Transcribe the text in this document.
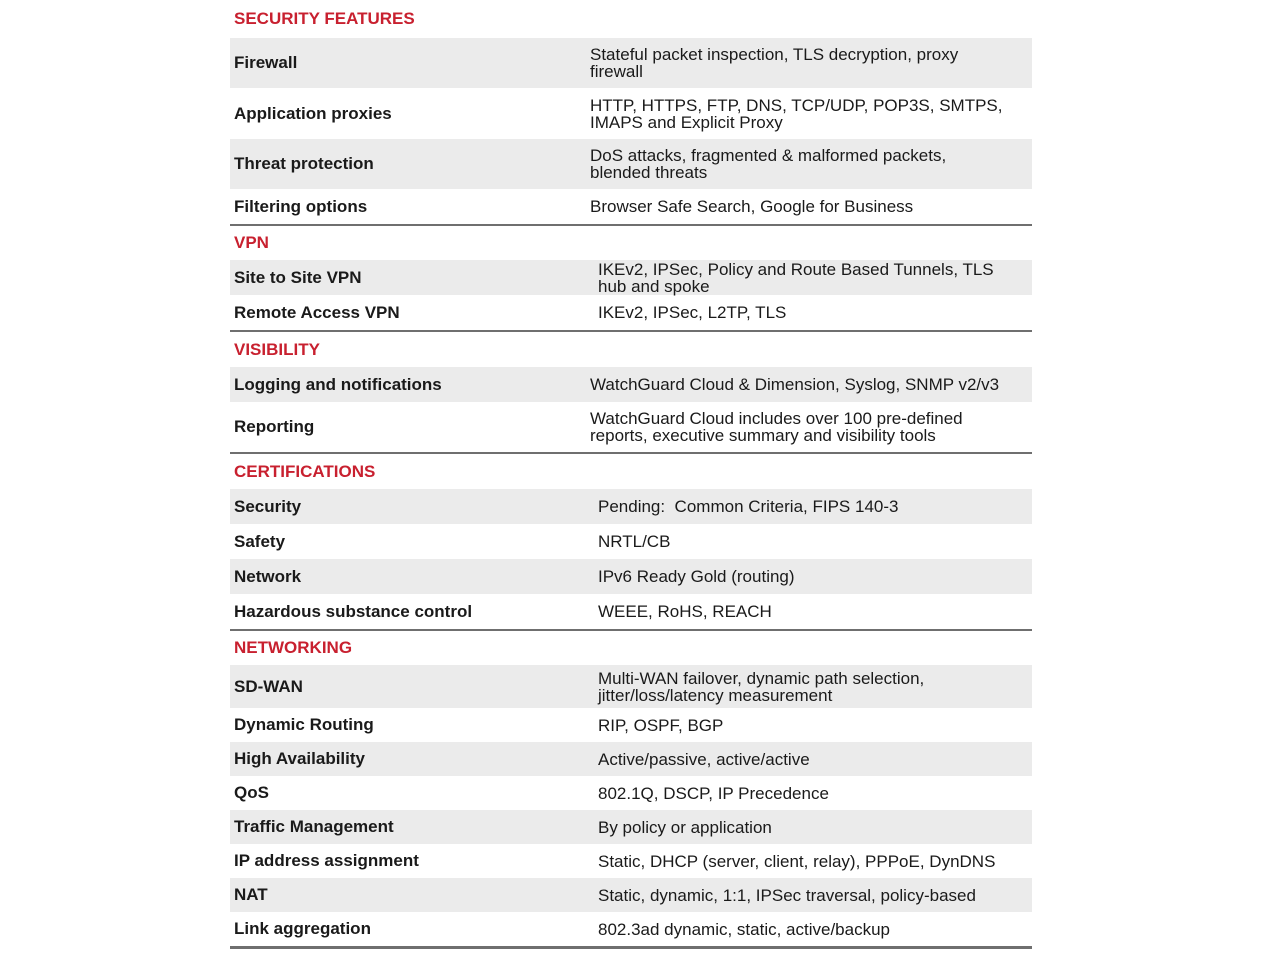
SECURITY FEATURES
Firewall	Stateful packet inspection, TLS decryption, proxy firewall
Application proxies	HTTP, HTTPS, FTP, DNS, TCP/UDP, POP3S, SMTPS, IMAPS and Explicit Proxy
Threat protection	DoS attacks, fragmented & malformed packets, blended threats
Filtering options	Browser Safe Search, Google for Business
VPN
Site to Site VPN	IKEv2, IPSec, Policy and Route Based Tunnels, TLS hub and spoke
Remote Access VPN	IKEv2, IPSec, L2TP, TLS
VISIBILITY
Logging and notifications	WatchGuard Cloud & Dimension, Syslog, SNMP v2/v3
Reporting	WatchGuard Cloud includes over 100 pre-defined reports, executive summary and visibility tools
CERTIFICATIONS
Security	Pending:  Common Criteria, FIPS 140-3
Safety	NRTL/CB
Network	IPv6 Ready Gold (routing)
Hazardous substance control	WEEE, RoHS, REACH
NETWORKING
SD-WAN	Multi-WAN failover, dynamic path selection, jitter/loss/latency measurement
Dynamic Routing	RIP, OSPF, BGP
High Availability	Active/passive, active/active
QoS	802.1Q, DSCP, IP Precedence
Traffic Management	By policy or application
IP address assignment	Static, DHCP (server, client, relay), PPPoE, DynDNS
NAT	Static, dynamic, 1:1, IPSec traversal, policy-based
Link aggregation	802.3ad dynamic, static, active/backup
